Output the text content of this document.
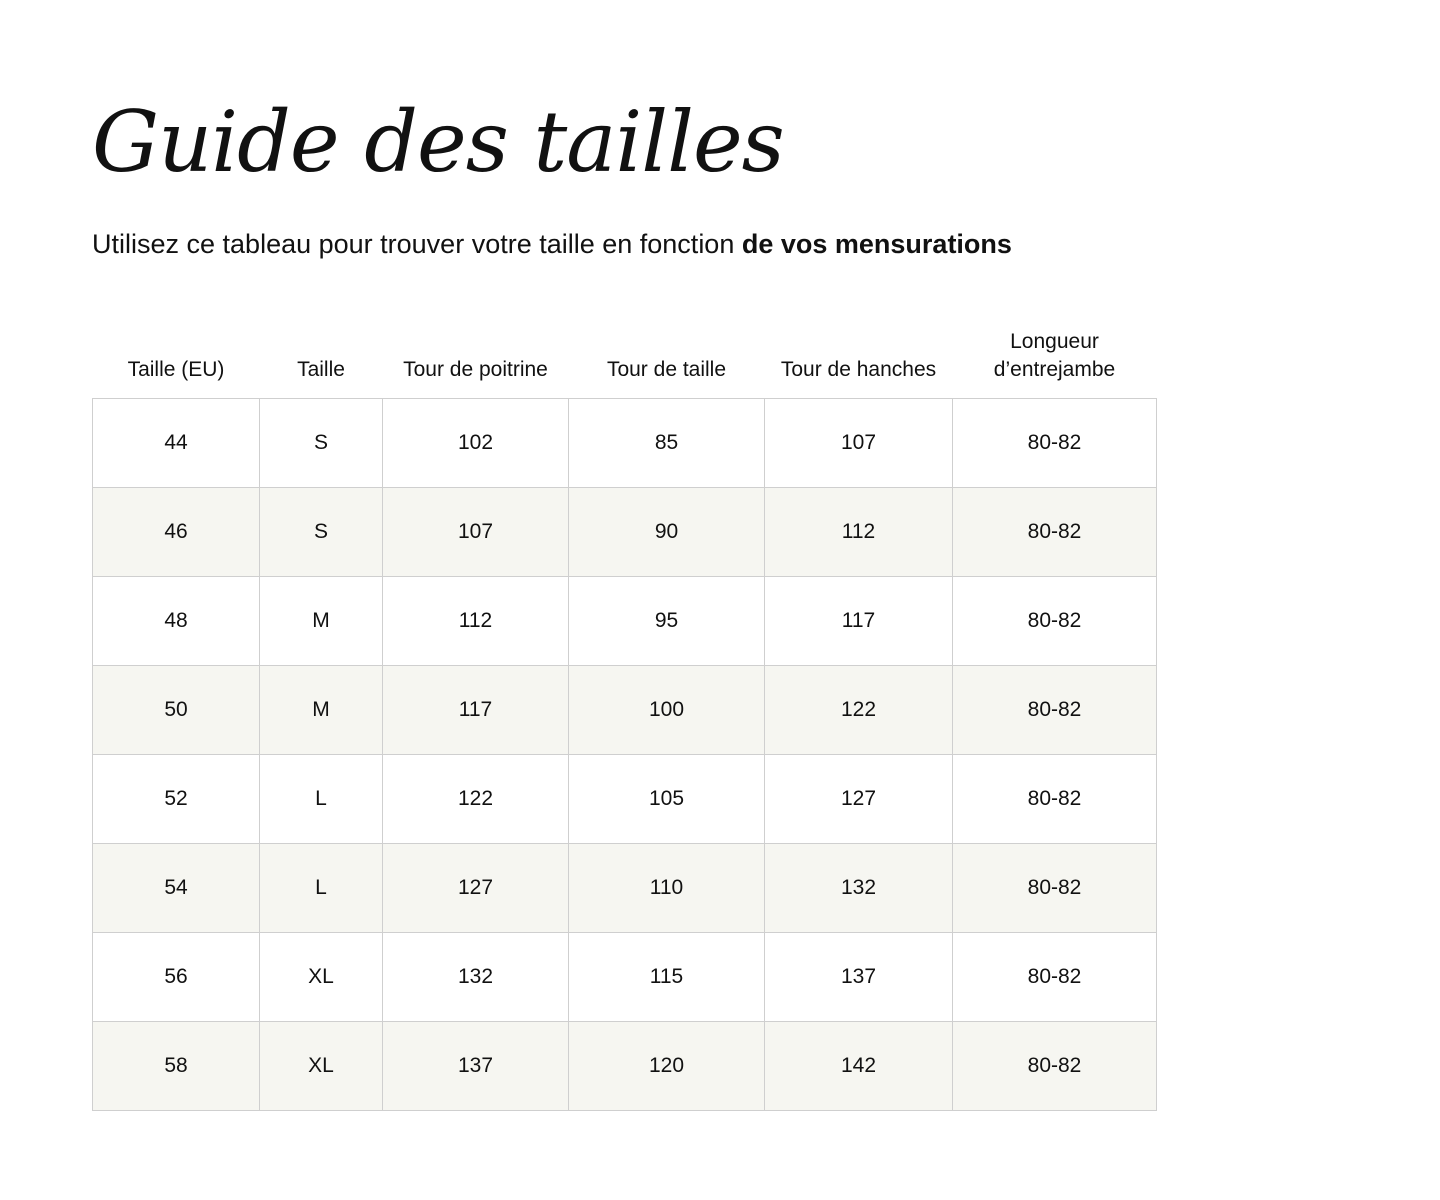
Guide des tailles

Utilisez ce tableau pour trouver votre taille en fonction de vos mensurations

Taille (EU)	Taille	Tour de poitrine	Tour de taille	Tour de hanches	Longueur
d’entrejambe

44	S	102	85	107	80-82
46	S	107	90	112	80-82
48	M	112	95	117	80-82
50	M	117	100	122	80-82
52	L	122	105	127	80-82
54	L	127	110	132	80-82
56	XL	132	115	137	80-82
58	XL	137	120	142	80-82
